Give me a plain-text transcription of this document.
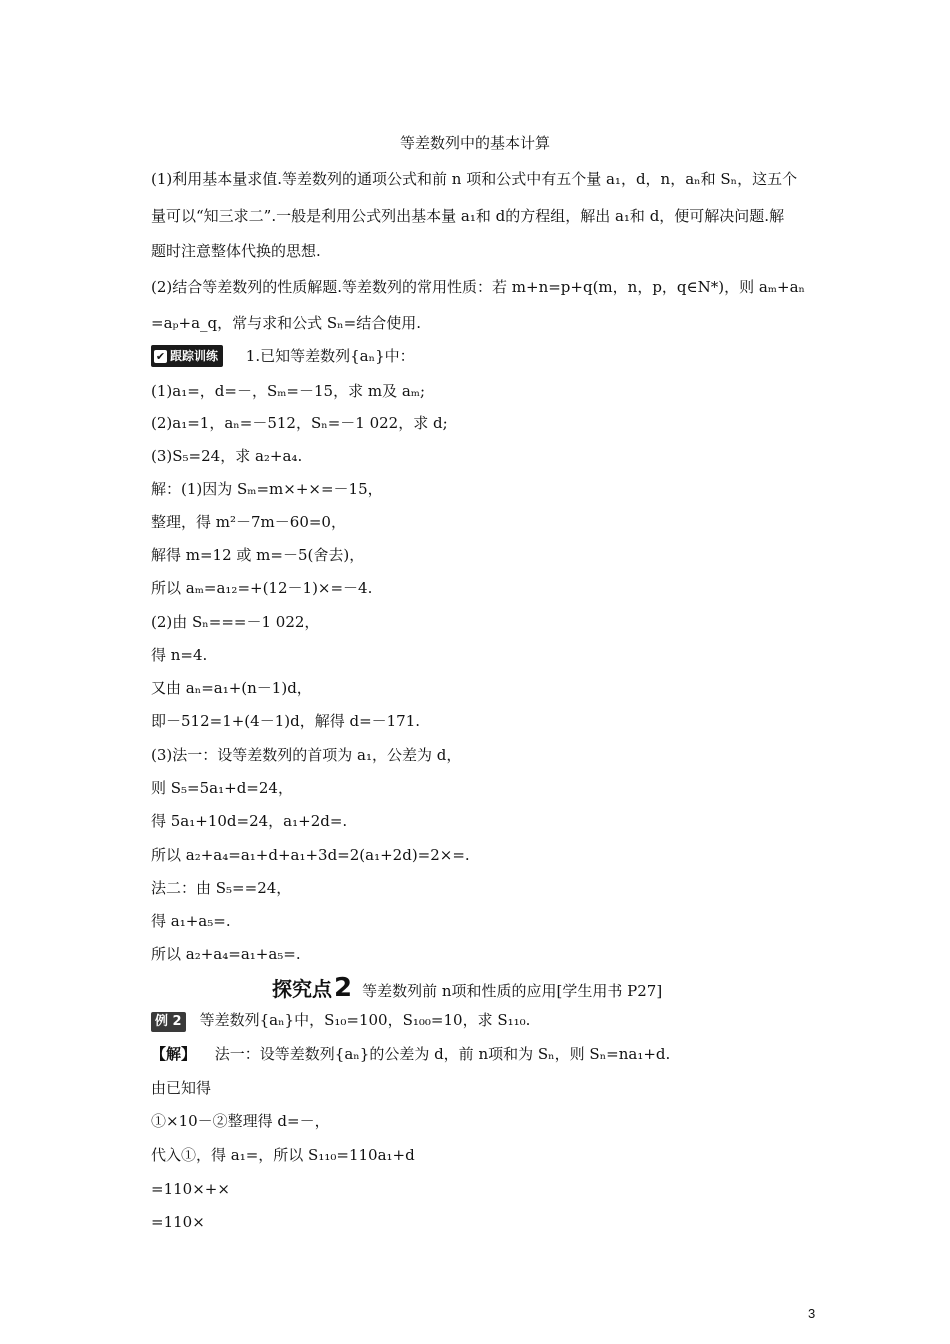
等差数列中的基本计算
(1)利用基本量求值.等差数列的通项公式和前 n 项和公式中有五个量 a₁，d，n，aₙ和 Sₙ，这五个
量可以“知三求二”.一般是利用公式列出基本量 a₁和 d的方程组，解出 a₁和 d，便可解决问题.解
题时注意整体代换的思想.
(2)结合等差数列的性质解题.等差数列的常用性质：若 m+n=p+q(m，n，p，q∈N*)，则 aₘ+aₙ
=aₚ+a_q，常与求和公式 Sₙ=结合使用.
✔ 跟踪训练 1.已知等差数列{aₙ}中：
(1)a₁=，d=－，Sₘ=－15，求 m及 aₘ;
(2)a₁=1，aₙ=－512，Sₙ=－1 022，求 d;
(3)S₅=24，求 a₂+a₄.
解：(1)因为 Sₘ=m×+×=－15，
整理，得 m²－7m－60=0，
解得 m=12 或 m=－5(舍去)，
所以 aₘ=a₁₂=+(12－1)×=－4.
(2)由 Sₙ===－1 022，
得 n=4.
又由 aₙ=a₁+(n－1)d，
即－512=1+(4－1)d，解得 d=－171.
(3)法一：设等差数列的首项为 a₁，公差为 d，
则 S₅=5a₁+d=24，
得 5a₁+10d=24，a₁+2d=.
所以 a₂+a₄=a₁+d+a₁+3d=2(a₁+2d)=2×=.
法二：由 S₅==24，
得 a₁+a₅=.
所以 a₂+a₄=a₁+a₅=.
探究点2 等差数列前 n项和性质的应用[学生用书 P27]
例 2 等差数列{aₙ}中，S₁₀=100，S₁₀₀=10，求 S₁₁₀.
【解】 法一：设等差数列{aₙ}的公差为 d，前 n项和为 Sₙ，则 Sₙ=na₁+d.
由已知得
①×10－②整理得 d=－，
代入①，得 a₁=，所以 S₁₁₀=110a₁+d
=110×+×
=110×
3
